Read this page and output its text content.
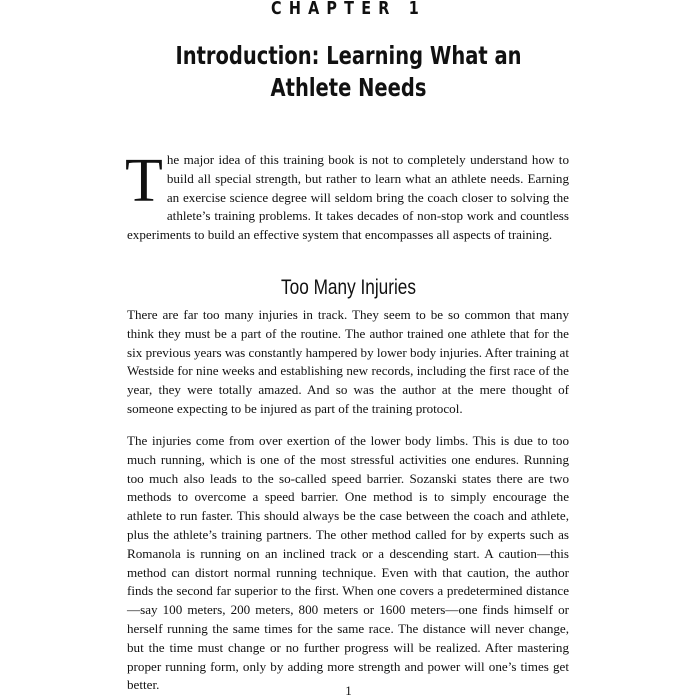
CHAPTER 1
Introduction: Learning What an
Athlete Needs

The major idea of this training book is not to completely understand how to build all special strength, but rather to learn what an athlete needs. Earning an exercise science degree will seldom bring the coach closer to solving the athlete’s training problems. It takes decades of non-stop work and countless experiments to build an effective system that encompasses all aspects of training.

Too Many Injuries

There are far too many injuries in track. They seem to be so common that many think they must be a part of the routine. The author trained one athlete that for the six previous years was constantly hampered by lower body injuries. After training at Westside for nine weeks and establishing new records, including the first race of the year, they were totally amazed. And so was the author at the mere thought of someone expecting to be injured as part of the training protocol.

The injuries come from over exertion of the lower body limbs. This is due to too much running, which is one of the most stressful activities one endures. Running too much also leads to the so-called speed barrier. Sozanski states there are two methods to overcome a speed barrier. One method is to simply encourage the athlete to run faster. This should always be the case between the coach and athlete, plus the athlete’s training partners. The other method called for by experts such as Romanola is running on an inclined track or a descending start. A caution—this method can distort normal running technique. Even with that caution, the author finds the second far superior to the first. When one covers a predetermined distance—say 100 meters, 200 meters, 800 meters or 1600 meters—one finds himself or herself running the same times for the same race. The distance will never change, but the time must change or no further progress will be realized. After mastering proper running form, only by adding more strength and power will one’s times get better.	1
